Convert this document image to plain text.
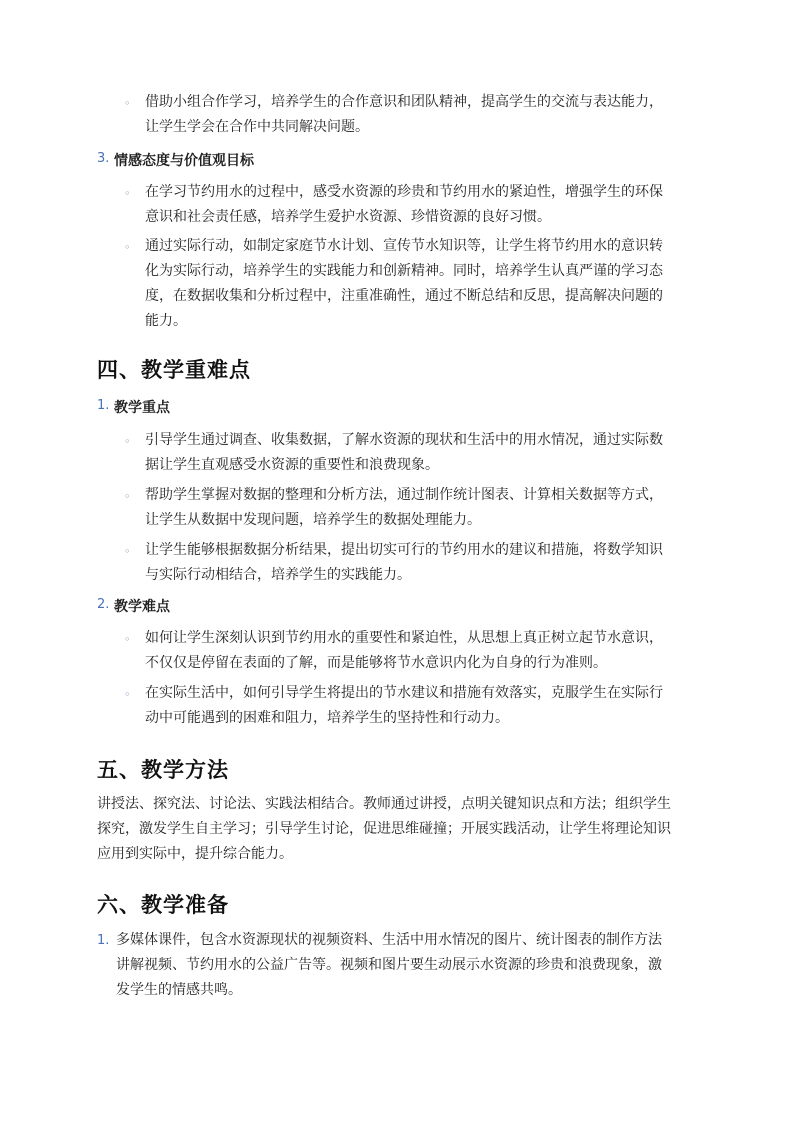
◦ 借助小组合作学习，培养学生的合作意识和团队精神，提高学生的交流与表达能力，
让学生学会在合作中共同解决问题。
3. 情感态度与价值观目标
◦ 在学习节约用水的过程中，感受水资源的珍贵和节约用水的紧迫性，增强学生的环保
意识和社会责任感，培养学生爱护水资源、珍惜资源的良好习惯。
◦ 通过实际行动，如制定家庭节水计划、宣传节水知识等，让学生将节约用水的意识转
化为实际行动，培养学生的实践能力和创新精神。同时，培养学生认真严谨的学习态
度，在数据收集和分析过程中，注重准确性，通过不断总结和反思，提高解决问题的
能力。
四、教学重难点
1. 教学重点
◦ 引导学生通过调查、收集数据，了解水资源的现状和生活中的用水情况，通过实际数
据让学生直观感受水资源的重要性和浪费现象。
◦ 帮助学生掌握对数据的整理和分析方法，通过制作统计图表、计算相关数据等方式，
让学生从数据中发现问题，培养学生的数据处理能力。
◦ 让学生能够根据数据分析结果，提出切实可行的节约用水的建议和措施，将数学知识
与实际行动相结合，培养学生的实践能力。
2. 教学难点
◦ 如何让学生深刻认识到节约用水的重要性和紧迫性，从思想上真正树立起节水意识，
不仅仅是停留在表面的了解，而是能够将节水意识内化为自身的行为准则。
◦ 在实际生活中，如何引导学生将提出的节水建议和措施有效落实，克服学生在实际行
动中可能遇到的困难和阻力，培养学生的坚持性和行动力。
五、教学方法
讲授法、探究法、讨论法、实践法相结合。教师通过讲授，点明关键知识点和方法；组织学生
探究，激发学生自主学习；引导学生讨论，促进思维碰撞；开展实践活动，让学生将理论知识
应用到实际中，提升综合能力。
六、教学准备
1. 多媒体课件，包含水资源现状的视频资料、生活中用水情况的图片、统计图表的制作方法
讲解视频、节约用水的公益广告等。视频和图片要生动展示水资源的珍贵和浪费现象，激
发学生的情感共鸣。
